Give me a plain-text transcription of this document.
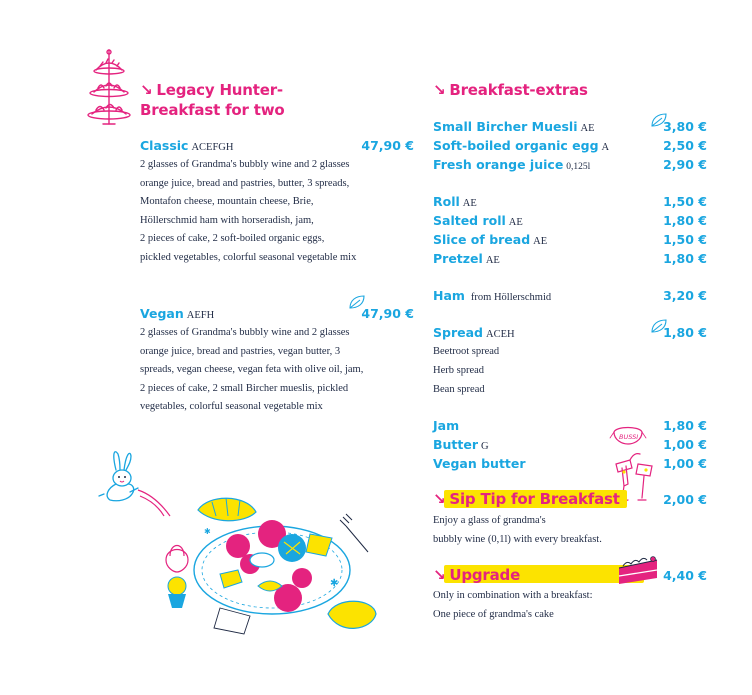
↘ Legacy Hunter-
Breakfast for two
Classic ACEFGH	47,90 €
2 glasses of Grandma's bubbly wine and 2 glasses
orange juice, bread and pastries, butter, 3 spreads,
Montafon cheese, mountain cheese, Brie,
Höllerschmid ham with horseradish, jam,
2 pieces of cake, 2 soft-boiled organic eggs,
pickled vegetables, colorful seasonal vegetable mix
Vegan AEFH	47,90 €
2 glasses of Grandma's bubbly wine and 2 glasses
orange juice, bread and pastries, vegan butter, 3
spreads, vegan cheese, vegan feta with olive oil, jam,
2 pieces of cake, 2 small Bircher mueslis, pickled
vegetables, colorful seasonal vegetable mix
✱
✱
↘ Breakfast-extras
Small Bircher Muesli AE	3,80 €
Soft-boiled organic egg A	2,50 €
Fresh orange juice 0,125l	2,90 €
Roll AE	1,50 €
Salted roll AE	1,80 €
Slice of bread AE	1,50 €
Pretzel AE	1,80 €
Ham from Höllerschmid	3,20 €
Spread ACEH	1,80 €
Beetroot spread
Herb spread
Bean spread
Jam	1,80 €
Butter G	1,00 €
Vegan butter	1,00 €
BUSSI
↘ Sip Tip for Breakfast	2,00 €
Enjoy a glass of grandma's
bubbly wine (0,1l) with every breakfast.
↘ Upgrade	4,40 €
Only in combination with a breakfast:
One piece of grandma's cake
